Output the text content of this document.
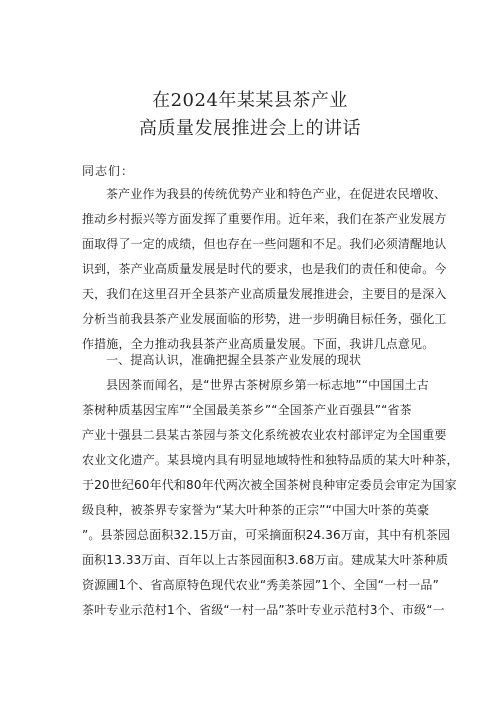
在2024年某某县茶产业
高质量发展推进会上的讲话
同志们：
茶产业作为我县的传统优势产业和特色产业，在促进农民增收、
推动乡村振兴等方面发挥了重要作用。近年来，我们在茶产业发展方
面取得了一定的成绩，但也存在一些问题和不足。我们必须清醒地认
识到，茶产业高质量发展是时代的要求，也是我们的责任和使命。今
天，我们在这里召开全县茶产业高质量发展推进会，主要目的是深入
分析当前我县茶产业发展面临的形势，进一步明确目标任务，强化工
作措施，全力推动我县茶产业高质量发展。下面，我讲几点意见。
一、提高认识，准确把握全县茶产业发展的现状
县因茶而闻名，是“世界古茶树原乡第一标志地”“中国国土古
茶树种质基因宝库”“全国最美茶乡”“全国茶产业百强县”“省茶
产业十强县二县某古茶园与茶文化系统被农业农村部评定为全国重要
农业文化遗产。某县境内具有明显地域特性和独特品质的某大叶种茶，
于20世纪60年代和80年代两次被全国茶树良种审定委员会审定为国家
级良种，被茶界专家誉为“某大叶种茶的正宗”“中国大叶茶的英豪
”。县茶园总面积32.15万亩，可采摘面积24.36万亩，其中有机茶园
面积13.33万亩、百年以上古茶园面积3.68万亩。建成某大叶茶种质
资源圃1个、省高原特色现代农业“秀美茶园”1个、全国“一村一品”
茶叶专业示范村1个、省级“一村一品”茶叶专业示范村3个、市级“一
